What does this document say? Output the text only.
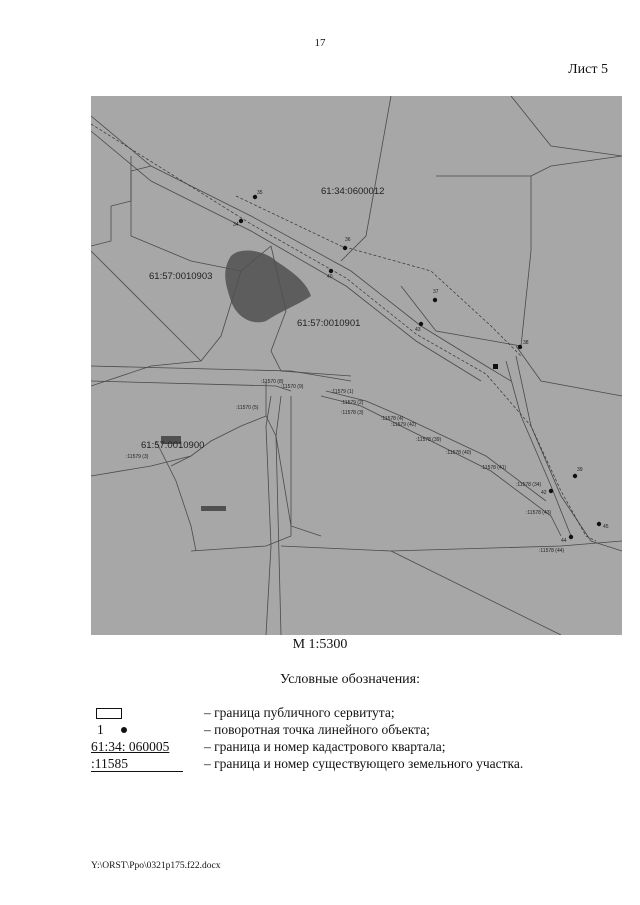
17
Лист 5
61:34:0600012
61:57:0010903
61:57:0010901
61:57:0010900
:11570 (8)
:11570 (9)
:11570 (5)
:11579 (1)
:11579 (2)
:11578 (3)
:11578 (4)
:11579 (42)
:11578 (39)
:11578 (40)
:11578 (41)
:11578 (34)
:11578 (43)
:11578 (44)
:11579 (3)
34
35
36
37
38
39
40
42
43
44
45
М 1:5300
Условные обозначения:
– граница публичного сервитута;
1	– поворотная точка линейного объекта;
61:34: 060005	– граница и номер кадастрового квартала;
:11585	– граница и номер существующего земельного участка.
Y:\ORST\Ppo\0321p175.f22.docx
